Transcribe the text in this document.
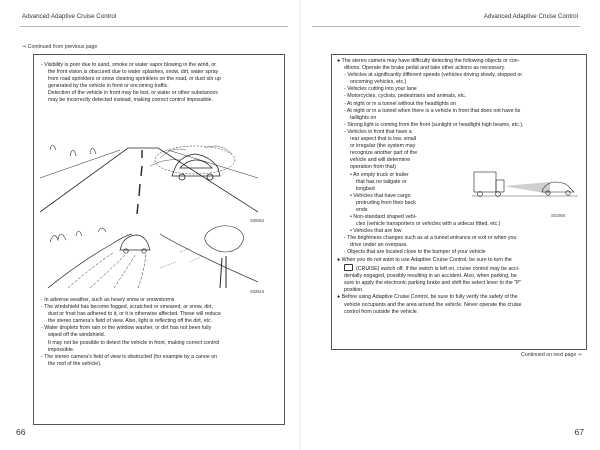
Advanced Adaptive Cruise Control	Advanced Adaptive Cruise Control
⇒ Continued from previous page

- Visibility is poor due to sand, smoke or water vapor blowing in the wind, or

the front vision is obscured due to water splashes, snow, dirt, water spray

from road sprinklers or snow clearing sprinklers on the road, or dust stir up

generated by the vehicle in front or oncoming traffic.

Detection of the vehicle in front may be lost, or water or other substances

may be incorrectly detected instead, making correct control impossible.

S00952
S02816

- In adverse weather, such as heavy snow or snowstorms

- The windshield has become fogged, scratched or smeared, or snow, dirt,

dust or frost has adhered to it, or it is otherwise affected. These will reduce

the stereo camera’s field of view. Also, light is reflecting off the dirt, etc.

- Water droplets from rain or the window washer, or dirt has not been fully

wiped off the windshield.

It may not be possible to detect the vehicle in front, making correct control

impossible.

- The stereo camera’s field of view is obstructed (for example by a canoe on

the roof of the vehicle).

66

● The stereo camera may have difficulty detecting the following objects or con-

ditions. Operate the brake pedal and take other actions as necessary.

- Vehicles at significantly different speeds (vehicles driving slowly, stopped or

oncoming vehicles, etc.)

- Vehicles cutting into your lane

- Motorcycles, cyclists, pedestrians and animals, etc.

- At night or in a tunnel without the headlights on

- At night or in a tunnel when there is a vehicle in front that does not have its

taillights on

- Strong light is coming from the front (sunlight or headlight high beams, etc.).

- Vehicles in front that have a

rear aspect that is low, small

or irregular (the system may

recognize another part of the

vehicle and will determine

operation from that)

• An empty truck or trailer

that has no tailgate or

longbed

• Vehicles that have cargo

protruding from their back

ends

• Non-standard shaped vehi-	S01956

cles (vehicle transporters or vehicles with a sidecar fitted, etc.)

• Vehicles that are low

- The brightness changes such as at a tunnel entrance or exit or when you

drive under an overpass.

- Objects that are located close to the bumper of your vehicle

● When you do not want to use Adaptive Cruise Control, be sure to turn the

(CRUISE) switch off. If the switch is left on, cruise control may be acci-

dentally engaged, possibly resulting in an accident. Also, when parking, be

sure to apply the electronic parking brake and shift the select lever to the “P”

position.

● Before using Adaptive Cruise Control, be sure to fully verify the safety of the

vehicle occupants and the area around the vehicle. Never operate the cruise

control from outside the vehicle.

Continued on next page ⇒
67
